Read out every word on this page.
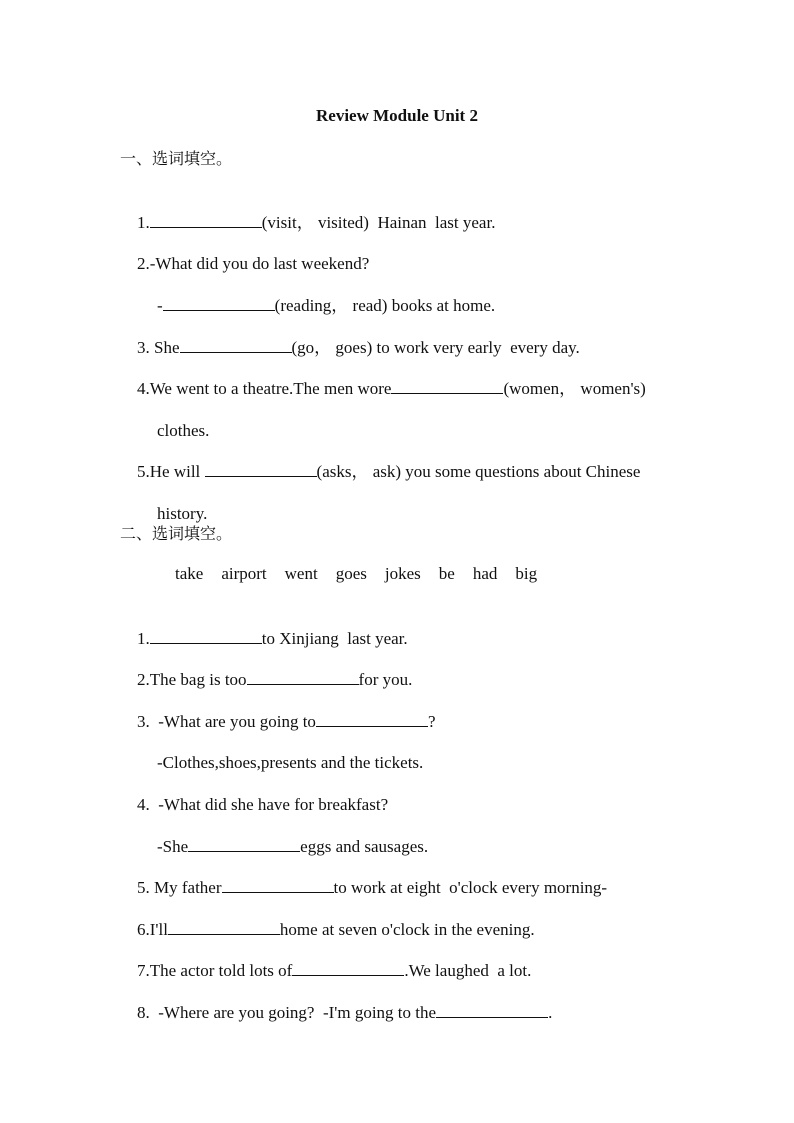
Review Module Unit 2
一、选词填空。

1.	(visit， visited)  Hainan  last year.

2.-What did you do last weekend?

-	(reading， read) books at home.

3. She	(go， goes) to work very early  every day.

4.We went to a theatre.The men wore	(women， women's)

clothes.

5.He will	(asks， ask) you some questions about Chinese

history.

二、选词填空。
take airport went goes jokes be had big

1.	to Xinjiang  last year.

2.The bag is too	for you.

3.  -What are you going to	?

-Clothes,shoes,presents and the tickets.

4.  -What did she have for breakfast?

-She	eggs and sausages.

5. My father	to work at eight  o'clock every morning-

6.I'll	home at seven o'clock in the evening.

7.The actor told lots of	.We laughed  a lot.

8.  -Where are you going?  -I'm going to the	.
